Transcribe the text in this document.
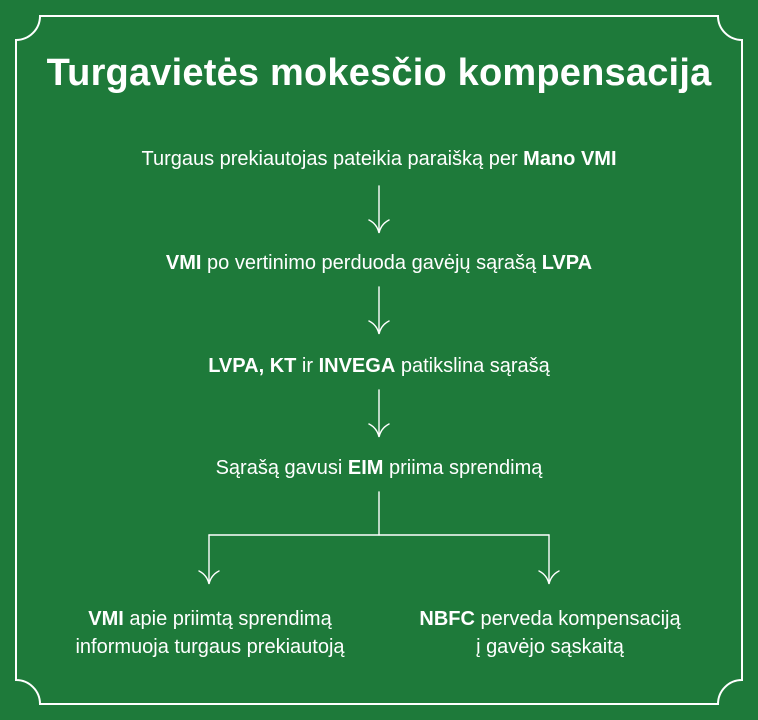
Turgavietės mokesčio kompensacija
Turgaus prekiautojas pateikia paraišką per Mano VMI
VMI po vertinimo perduoda gavėjų sąrašą LVPA
LVPA, KT ir INVEGA patikslina sąrašą
Sąrašą gavusi EIM priima sprendimą
VMI apie priimtą sprendimą
informuoja turgaus prekiautoją
NBFC perveda kompensaciją
į gavėjo sąskaitą
